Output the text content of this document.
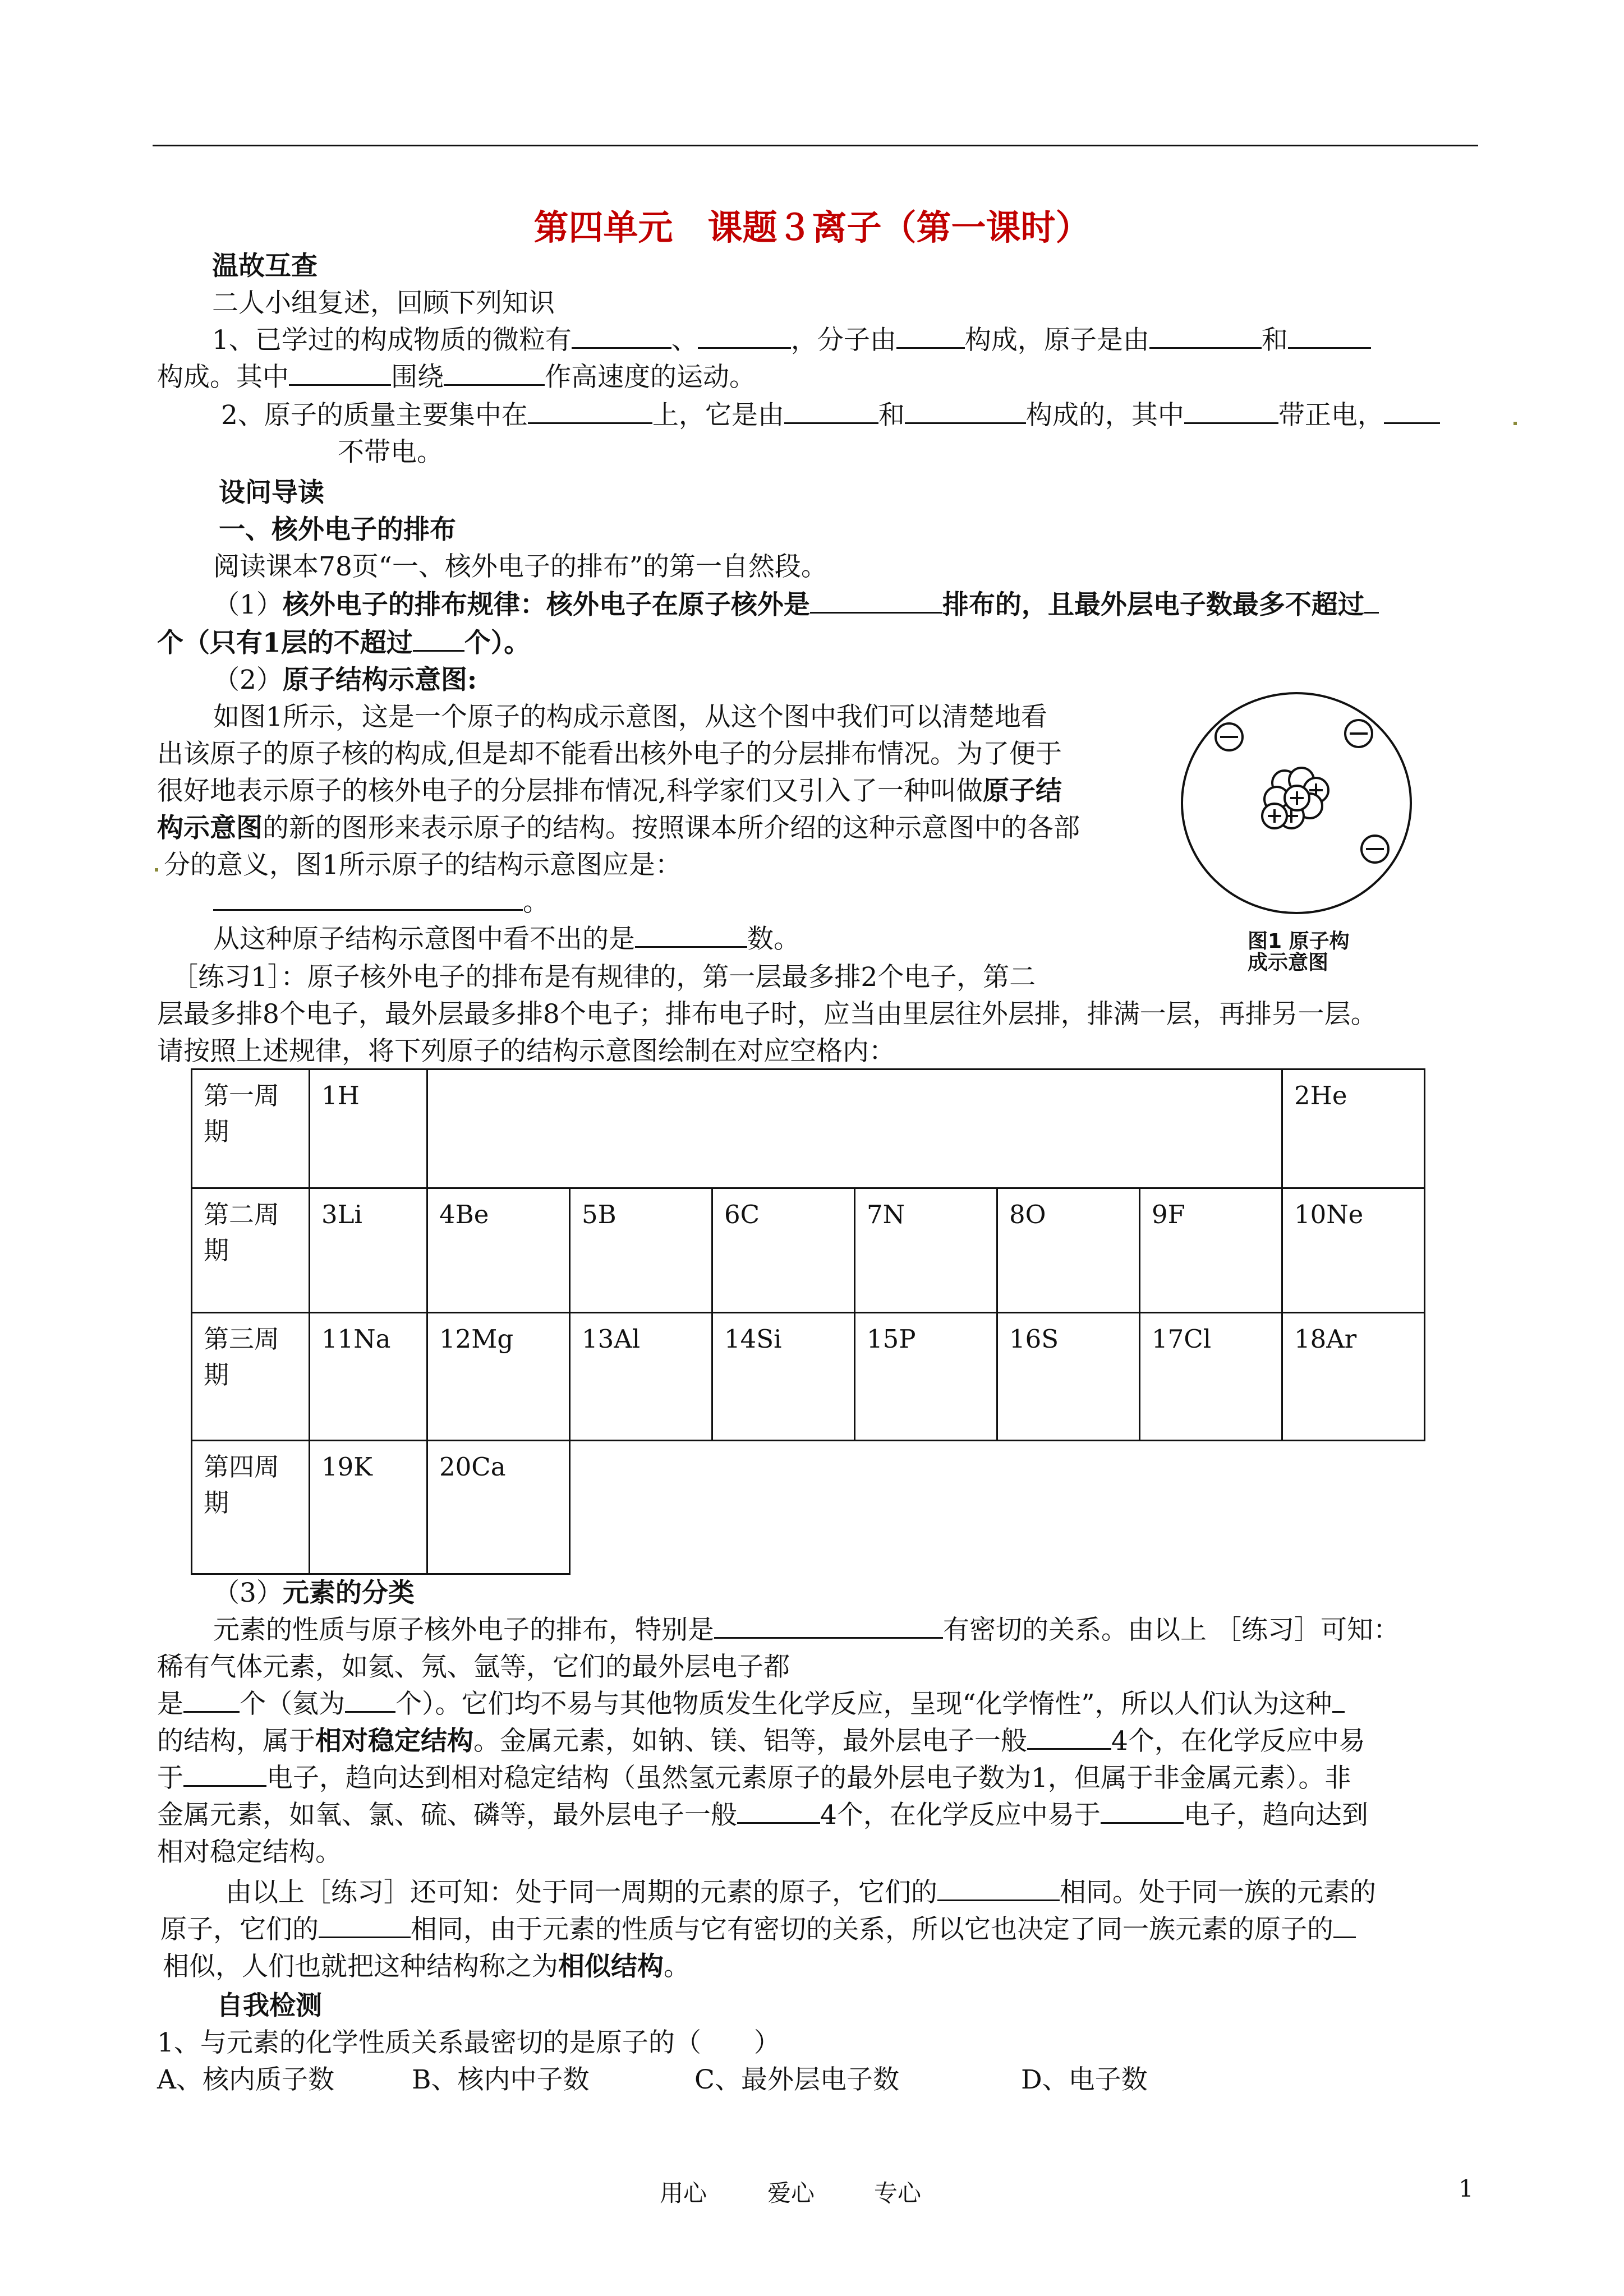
第四单元　课题３离子（第一课时）
温故互查
二人小组复述，回顾下列知识
1、已学过的构成物质的微粒有	、	，分子由	构成，原子是由	和
构成。其中	围绕	作高速度的运动。
2、原子的质量主要集中在	上，它是由	和	构成的，其中	带正电，
不带电。
设问导读
一、核外电子的排布
阅读课本78页“一、核外电子的排布”的第一自然段。
（1）核外电子的排布规律：核外电子在原子核外是	排布的，且最外层电子数最多不超过
个（只有1层的不超过 个）。
（2）原子结构示意图:
如图1所示，这是一个原子的构成示意图，从这个图中我们可以清楚地看
出该原子的原子核的构成,但是却不能看出核外电子的分层排布情况。为了便于
很好地表示原子的核外电子的分层排布情况,科学家们又引入了一种叫做原子结
构示意图的新的图形来表示原子的结构。按照课本所介绍的这种示意图中的各部
分的意义，图1所示原子的结构示意图应是：
。
从这种原子结构示意图中看不出的是	数。	图1 原子构
成示意图
［练习1］：原子核外电子的排布是有规律的，第一层最多排2个电子，第二
层最多排8个电子，最外层最多排8个电子；排布电子时，应当由里层往外层排，排满一层，再排另一层。
请按照上述规律，将下列原子的结构示意图绘制在对应空格内：
第一周
期	1H							2He
第二周
期	3Li	4Be	5B	6C	7N	8O	9F	10Ne
第三周
期	11Na	12Mg	13Al	14Si	15P	16S	17Cl	18Ar
第四周
期	19K	20Ca						
（3）元素的分类
元素的性质与原子核外电子的排布，特别是	有密切的关系。由以上 ［练习］可知：
稀有气体元素，如氦、氖、氩等，它们的最外层电子都
是 个（氦为 个）。它们均不易与其他物质发生化学反应，呈现“化学惰性”，所以人们认为这种
的结构，属于相对稳定结构。金属元素，如钠、镁、铝等，最外层电子一般	4个，在化学反应中易
于	电子，趋向达到相对稳定结构（虽然氢元素原子的最外层电子数为1，但属于非金属元素）。非
金属元素，如氧、氯、硫、磷等，最外层电子一般	4个，在化学反应中易于	电子，趋向达到
相对稳定结构。
由以上［练习］还可知：处于同一周期的元素的原子，它们的	相同。处于同一族的元素的
原子，它们的	相同，由于元素的性质与它有密切的关系，所以它也决定了同一族元素的原子的
相似，人们也就把这种结构称之为相似结构。
自我检测
1、与元素的化学性质关系最密切的是原子的（　　）
A、核内质子数	B、核内中子数	C、最外层电子数	D、电子数
用心	爱心	专心	1
